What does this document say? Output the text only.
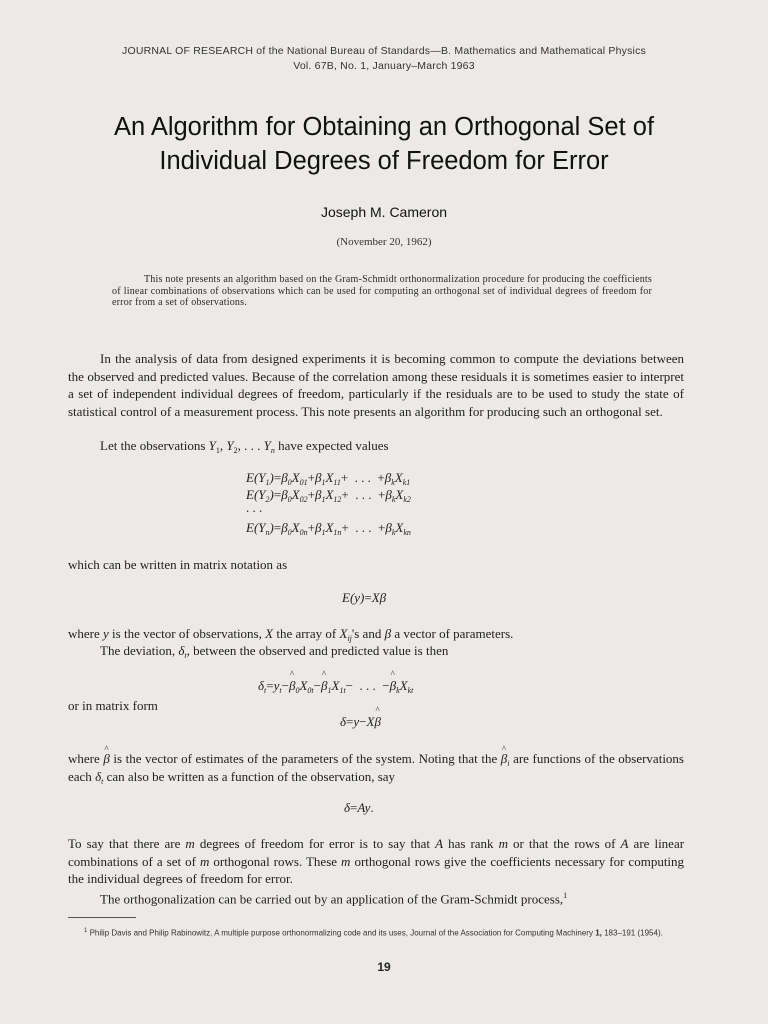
JOURNAL OF RESEARCH of the National Bureau of Standards—B. Mathematics and Mathematical Physics
Vol. 67B, No. 1, January–March 1963
An Algorithm for Obtaining an Orthogonal Set of
Individual Degrees of Freedom for Error
Joseph M. Cameron
(November 20, 1962)
This note presents an algorithm based on the Gram-Schmidt orthonormalization procedure for producing the coefficients of linear combinations of observations which can be used for computing an orthogonal set of individual degrees of freedom for error from a set of observations.
In the analysis of data from designed experiments it is becoming common to compute the deviations between the observed and predicted values. Because of the correlation among these residuals it is sometimes easier to interpret a set of independent individual degrees of freedom, particularly if the residuals are to be used to study the state of statistical control of a measurement process. This note presents an algorithm for producing such an orthogonal set.
Let the observations $Y_1$, $Y_2$, . . . $Y_n$ have expected values
$E(Y_1)=\beta_0X_{01}+\beta_1X_{11}+$  . . .  $+\beta_kX_{k1}$
$E(Y_2)=\beta_0X_{02}+\beta_1X_{12}+$  . . .  $+\beta_kX_{k2}$
. . .
$E(Y_n)=\beta_0X_{0n}+\beta_1X_{1n}+$  . . .  $+\beta_kX_{kn}$
which can be written in matrix notation as
E(y)=Xβ
where y is the vector of observations, X the array of $X_{ij}'s$ and β a vector of parameters.
The deviation, $\delta_t$, between the observed and predicted value is then
$\delta_t=y_t-\^{}$ $\beta_0X_{0t}-\^{}$ $\beta_1X_{1t}-$  . . .  −^ $\beta_kX_{kt}$
or in matrix form
δ=y−X^ β
where ^ β is the vector of estimates of the parameters of the system. Noting that the ^ $\beta_i$ are functions of the observations each $\delta_t$ can also be written as a function of the observation, say
δ=Ay.
To say that there are m degrees of freedom for error is to say that A has rank m or that the rows of A are linear combinations of a set of m orthogonal rows. These m orthogonal rows give the coefficients necessary for computing the individual degrees of freedom for error.
The orthogonalization can be carried out by an application of the Gram-Schmidt process,$^1$
$^1$ Philip Davis and Philip Rabinowitz, A multiple purpose orthonormalizing code and its uses, Journal of the Association for Computing Machinery 1, 183–191 (1954).
19
